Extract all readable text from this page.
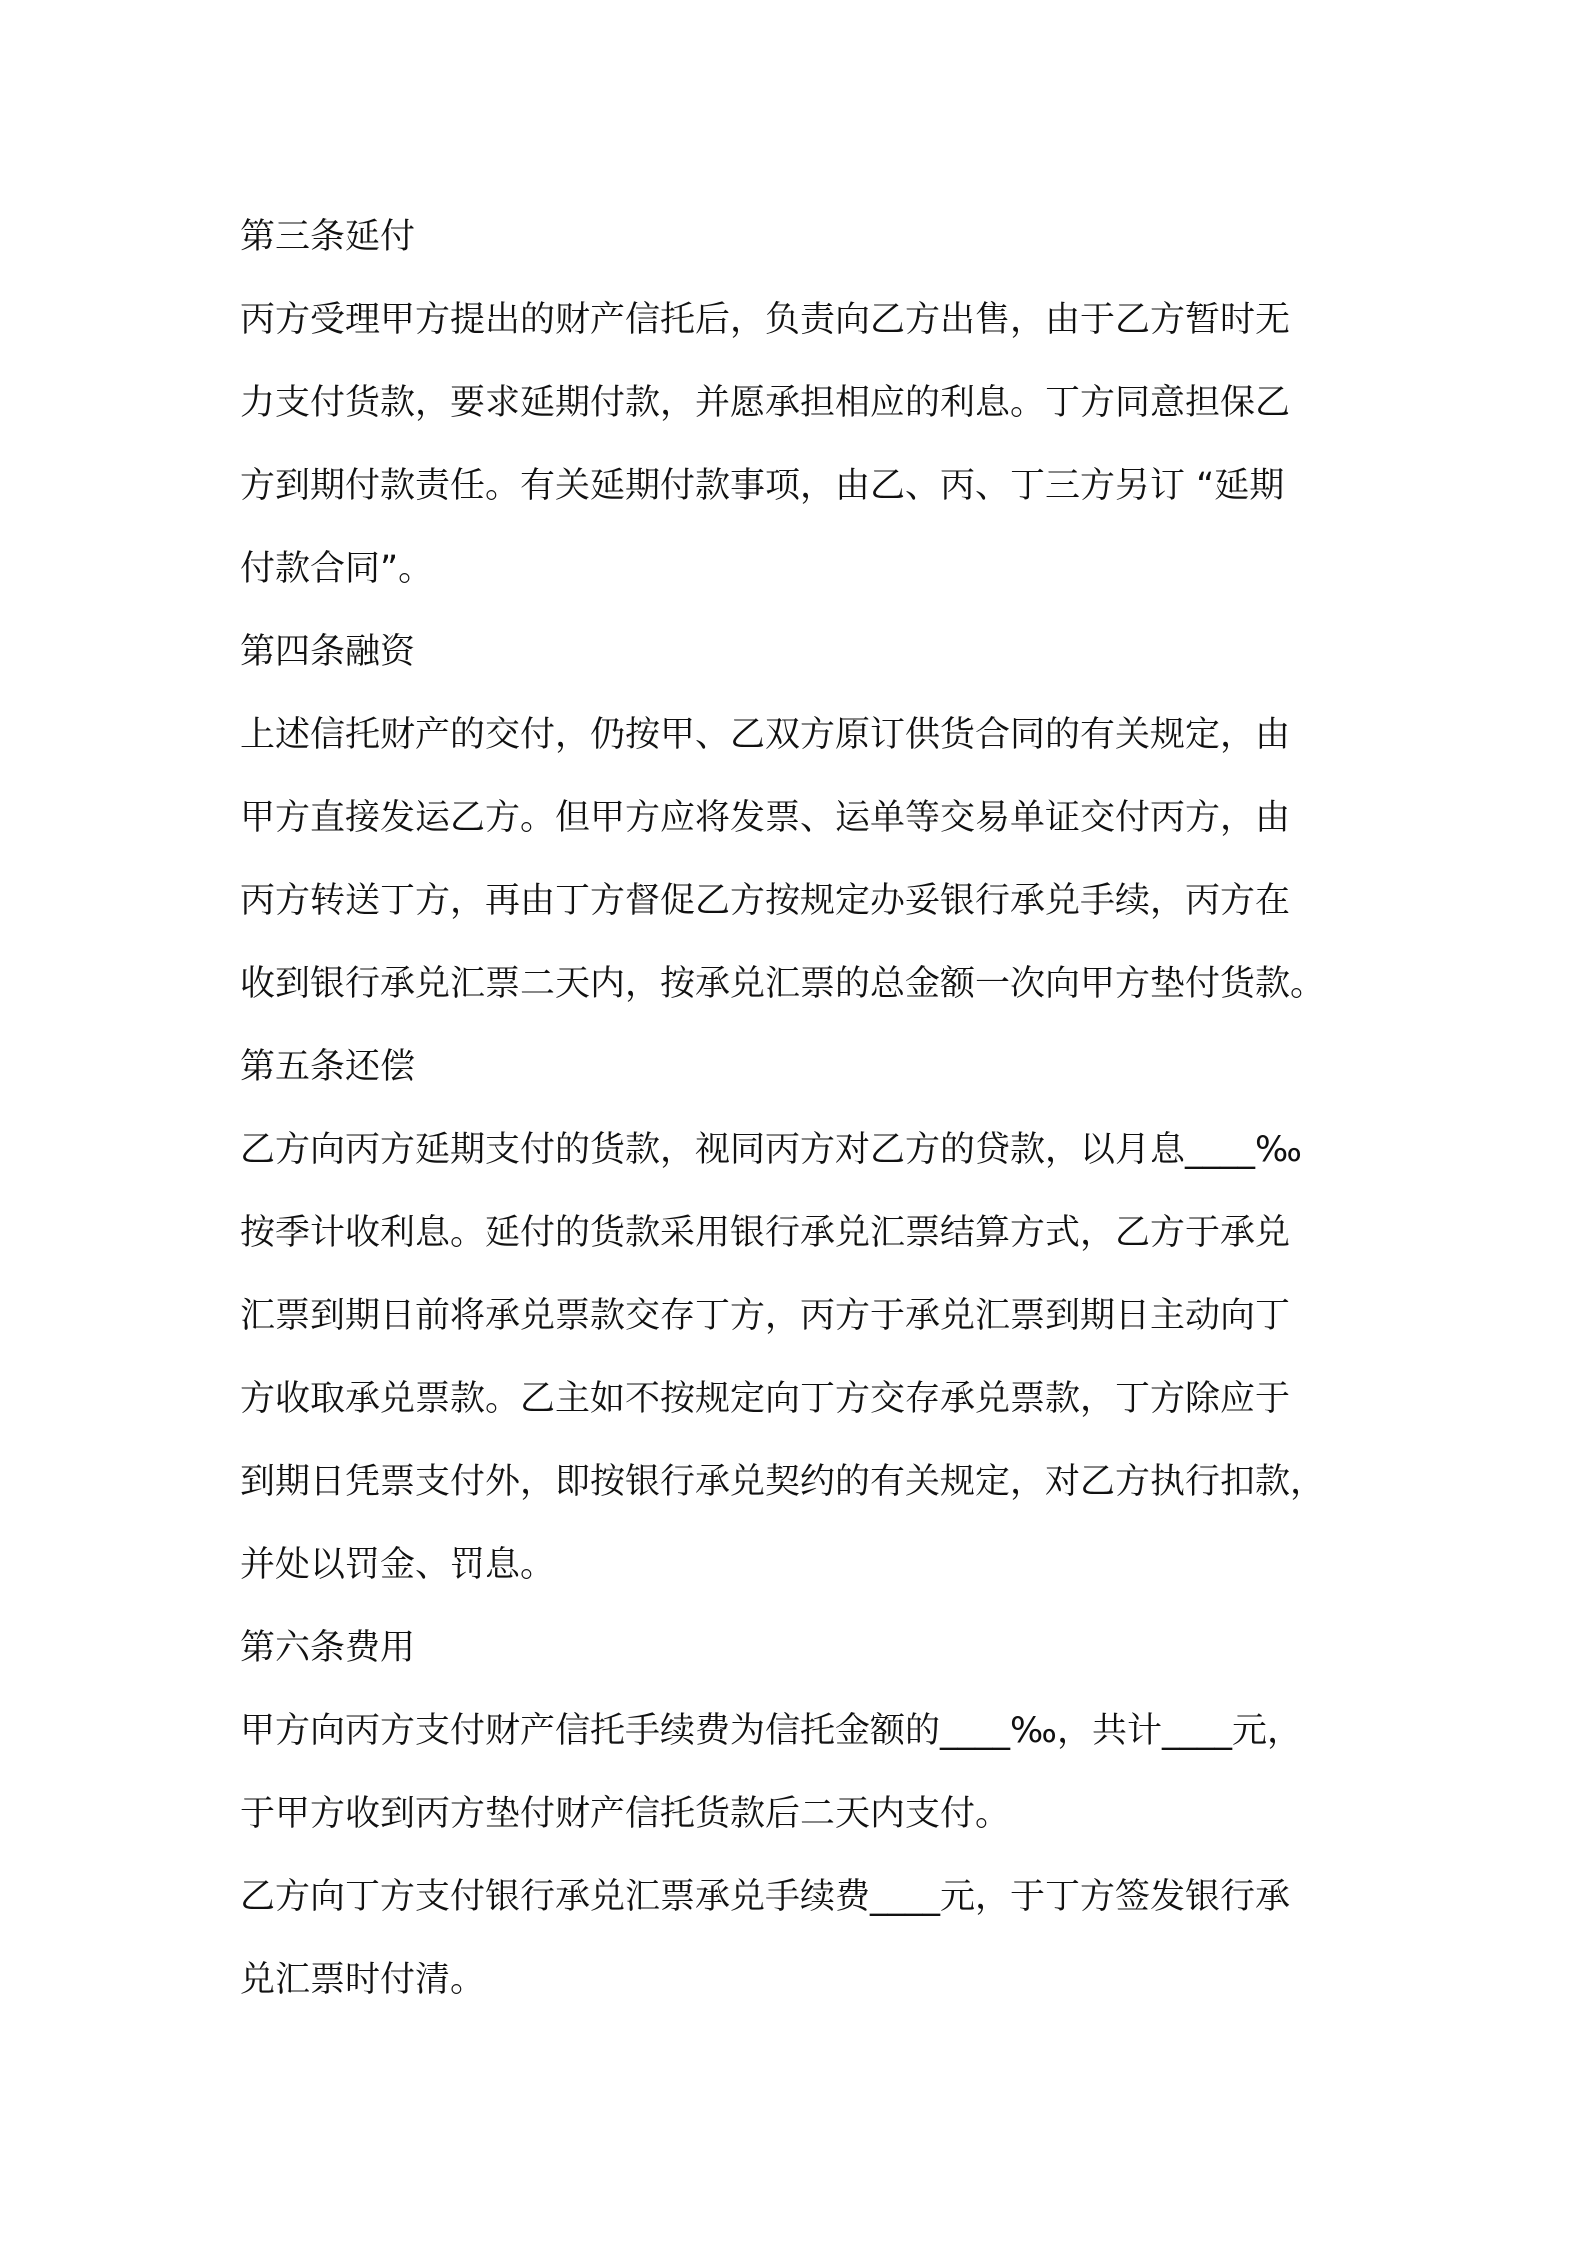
第三条延付
丙方受理甲方提出的财产信托后，负责向乙方出售，由于乙方暂时无
力支付货款，要求延期付款，并愿承担相应的利息。丁方同意担保乙
方到期付款责任。有关延期付款事项，由乙、丙、丁三方另订 “延期
付款合同”。
第四条融资
上述信托财产的交付，仍按甲、乙双方原订供货合同的有关规定，由
甲方直接发运乙方。但甲方应将发票、运单等交易单证交付丙方，由
丙方转送丁方，再由丁方督促乙方按规定办妥银行承兑手续，丙方在
收到银行承兑汇票二天内，按承兑汇票的总金额一次向甲方垫付货款。
第五条还偿
乙方向丙方延期支付的货款，视同丙方对乙方的贷款，以月息____‰
按季计收利息。延付的货款采用银行承兑汇票结算方式，乙方于承兑
汇票到期日前将承兑票款交存丁方，丙方于承兑汇票到期日主动向丁
方收取承兑票款。乙主如不按规定向丁方交存承兑票款，丁方除应于
到期日凭票支付外，即按银行承兑契约的有关规定，对乙方执行扣款，
并处以罚金、罚息。
第六条费用
甲方向丙方支付财产信托手续费为信托金额的____‰，共计____元，
于甲方收到丙方垫付财产信托货款后二天内支付。
乙方向丁方支付银行承兑汇票承兑手续费____元，于丁方签发银行承
兑汇票时付清。
